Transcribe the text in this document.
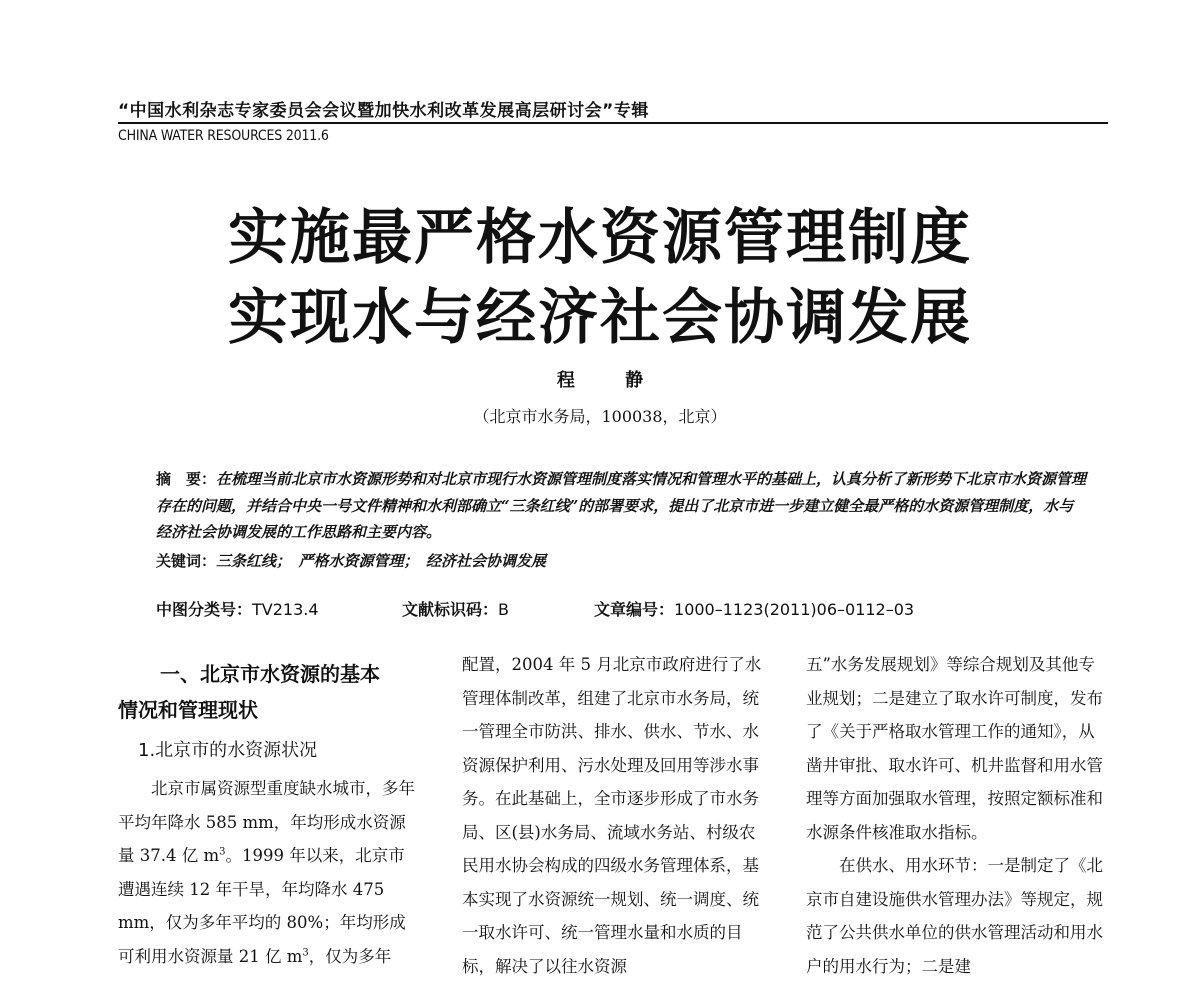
“中国水利杂志专家委员会会议暨加快水利改革发展高层研讨会”专辑

CHINA WATER RESOURCES 2011.6

实施最严格水资源管理制度
实现水与经济社会协调发展

程 静

（北京市水务局，100038，北京）

摘　要：在梳理当前北京市水资源形势和对北京市现行水资源管理制度落实情况和管理水平的基础上，认真分析了新形势下北京市水资源管理存在的问题，并结合中央一号文件精神和水利部确立“三条红线”的部署要求，提出了北京市进一步建立健全最严格的水资源管理制度，水与经济社会协调发展的工作思路和主要内容。

关键词：三条红线；　严格水资源管理；　经济社会协调发展

中图分类号：TV213.4	文献标识码：B	文章编号：1000–1123(2011)06–0112–03
一、北京市水资源的基本
情况和管理现状
1.北京市的水资源状况

北京市属资源型重度缺水城市，多年平均年降水 585 mm，年均形成水资源量 37.4 亿 $m^3$。1999 年以来，北京市遭遇连续 12 年干旱，年均降水 475 mm，仅为多年平均的 80%；年均形成可利用水资源量 21 亿 $m^3$，仅为多年

配置，2004 年 5 月北京市政府进行了水管理体制改革，组建了北京市水务局，统一管理全市防洪、排水、供水、节水、水资源保护利用、污水处理及回用等涉水事务。在此基础上，全市逐步形成了市水务局、区(县)水务局、流域水务站、村级农民用水协会构成的四级水务管理体系，基本实现了水资源统一规划、统一调度、统一取水许可、统一管理水量和水质的目标，解决了以往水资源

五”水务发展规划》等综合规划及其他专业规划；二是建立了取水许可制度，发布了《关于严格取水管理工作的通知》，从凿井审批、取水许可、机井监督和用水管理等方面加强取水管理，按照定额标准和水源条件核准取水指标。

在供水、用水环节：一是制定了《北京市自建设施供水管理办法》等规定，规范了公共供水单位的供水管理活动和用水户的用水行为；二是建
